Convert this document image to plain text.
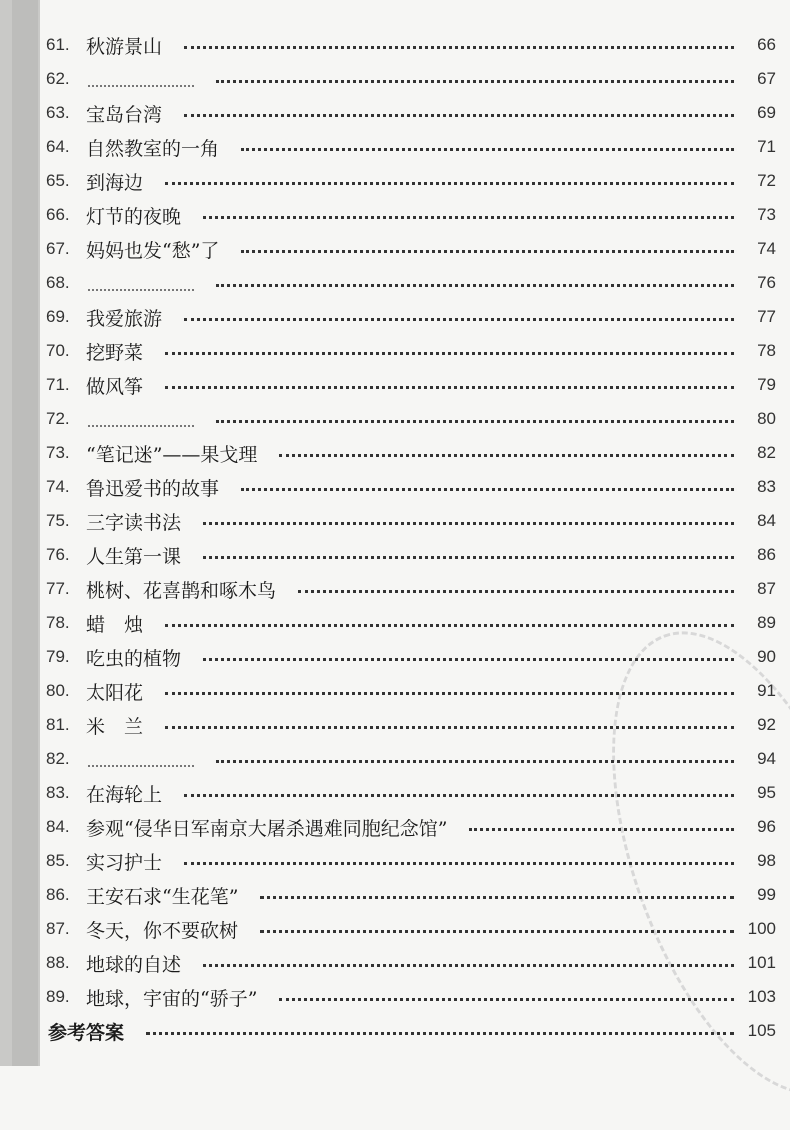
61. 秋游景山	66
62.	67
63. 宝岛台湾	69
64. 自然教室的一角	71
65. 到海边	72
66. 灯节的夜晚	73
67. 妈妈也发“愁”了	74
68.	76
69. 我爱旅游	77
70. 挖野菜	78
71. 做风筝	79
72.	80
73. “笔记迷”——果戈理	82
74. 鲁迅爱书的故事	83
75. 三字读书法	84
76. 人生第一课	86
77. 桃树、花喜鹊和啄木鸟	87
78. 蜡　烛	89
79. 吃虫的植物	90
80. 太阳花	91
81. 米　兰	92
82.	94
83. 在海轮上	95
84. 参观“侵华日军南京大屠杀遇难同胞纪念馆”	96
85. 实习护士	98
86. 王安石求“生花笔”	99
87. 冬天，你不要砍树	100
88. 地球的自述	101
89. 地球，宇宙的“骄子”	103
参考答案	105
